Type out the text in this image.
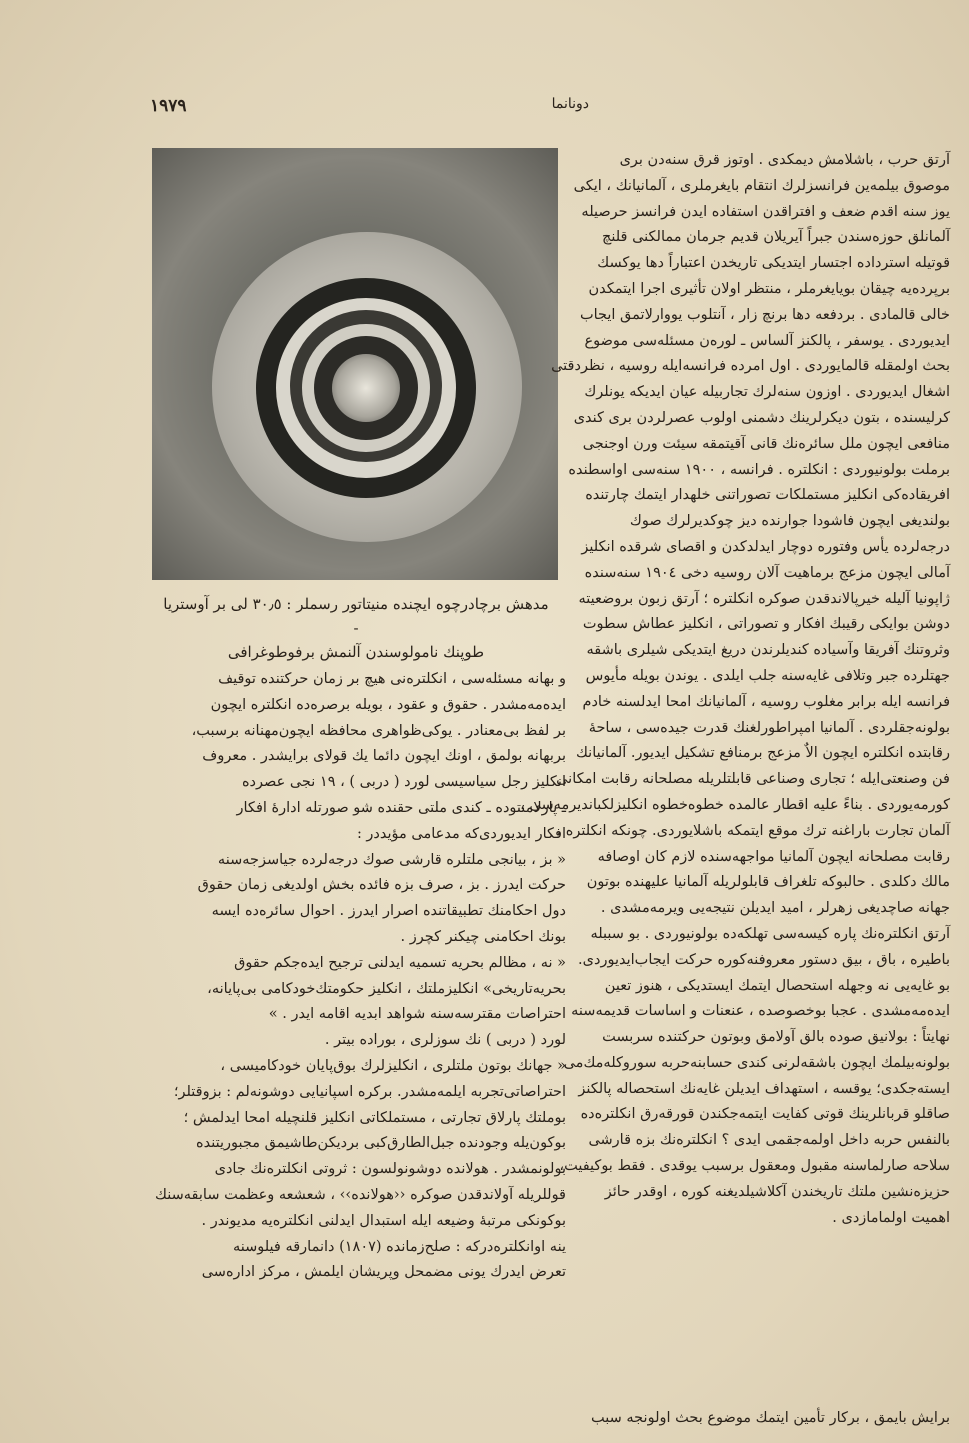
١٩٧٩	دونانما
مدهش برچادرچوه ایچنده منیتاتور رسملر : ۳۰٫٥ لی بر آوستریا -
طوپنك نامولوسندن آلنمش برفوطوغرافی
و بهانه مسئله‌سی ، انکلتره‌نی هیچ بر زمان حرکتنده توقیف
ایده‌مه‌مشدر . حقوق و عقود ، بویله برصره‌ده انکلتره ایچون
بر لفظ بی‌معنادر . یوکی‌ظواهری محافظه ایچون‌مهنانه برسبب،
بربهانه بولمق ، اونك ایچون دائما یك قولای برایشدر . معروف
انکلیز رجل سیاسیسی لورد ( دربی ) ، ۱۹ نجی عصرده
ـ پارلامنتوده ـ کندی ملتی حقنده شو صورتله اداره‌ٔ افکار
افکار ایدیوردی‌كه مدعامی مؤیددر :
« بز ، بیانجی ملتلره قارشی صوك درجه‌لرده جیاسزجه‌سنه
حرکت ایدرز . بز ، صرف بزه فائده بخش اولدیغی زمان حقوق
دول احکامنك تطبیقاتنده اصرار ایدرز . احوال سائره‌ده ایسه
بونك احکامنی چیکنر کچرز .
« نه ، مظالم بحریه تسمیه ایدلنی ترجیح ایده‌جکم حقوق
بحریه‌تاریخی» انکلیزملتك ، انکلیز حکومتك‌خودکامی بی‌پایانه،
احتراصات مقترسه‌سنه شواهد ابدیه اقامه ایدر . »
لورد ( دربی ) نك سوزلری ، بوراده بیتر .
« جهانك بوتون ملتلری ، انکلیزلرك بوق‌پایان خودکامیسی ،
احتراصاتی‌تجربه ایلمه‌مشدر. برکره اسپانیایی دوشونه‌لم : بزوقتلر؛
بوملتك پارلاق تجارتی ، مستملکاتی انکلیز قلنچیله امحا ایدلمش ؛
بوکون‌یله وجودنده جبل‌الطارق‌کبی بردیکن‌طاشیمق مجبوریتنده
بولونمشدر . هولانده دوشونولسون : ثروتی انکلتره‌نك جادی
قوللریله آولاندقدن صوکره ‹‹هولانده›› ، شعشعه وعظمت سابقه‌سنك
بوکونکی مرتبهٔ وضیعه ایله استبدال ایدلنی انکلتره‌یه مدیوندر .
ینه اوانکلتره‌درکه : صلح‌زمانده (۱۸۰۷) دانمارقه فیلوسنه
تعرض ایدرك یونی مضمحل وپریشان ایلمش ، مرکز اداره‌سی
آرتق حرب ، باشلامش دیمکدی . اوتوز قرق سنه‌دن بری
موصوق بیلمه‌ین فرانسزلرك انتقام بایغرملری ، آلمانیانك ، ایکی
یوز سنه اقدم ضعف و افتراقدن استفاده ایدن فرانسز حرصیله
آلمانلق حوزه‌سندن جبراً آیریلان قدیم جرمان ممالکنی قلنچ
قوتیله استرداده اجتسار ایتدیکی تاریخدن اعتباراً دها یوکسك
برپرده‌یه چیقان بویایغرملر ، منتظر اولان تأثیری اجرا ایتمکدن
خالی قالمادی . بردفعه دها برنچ زار ، آنتلوب یووارلاتمق ایجاب
ایدیوردی . یوسفر ، پالکنز آلساس ـ لورەن مسئله‌سی موضوع
بحث اولمقله قالمایوردی . اول امرده فرانسه‌ایله روسیه ، نظردقتی
اشغال ایدیوردی . اوزون سنه‌لرك تجاربیله عیان ایدیکه یونلرك
کرلیسنده ، بتون دیکرلرینك دشمنی اولوب عصرلردن بری کندی
منافعی ایچون ملل سائره‌نك قانی آقیتمقه سیئت ورن اوجنجی
برملت بولونیوردی : انکلتره . فرانسه ، ۱۹۰۰ سنه‌سی اواسطنده
افریقاده‌کی انکلیز مستملکات تصوراتنی خلهدار ایتمك چارتنده
بولندیغی ایچون فاشودا جوارنده دیز چوکدیرلرك صوك
درجه‌لرده یأس وفتوره دوچار ایدلدکدن و اقصای شرقده انکلیز
آمالی ایچون مزعج برماهیت آلان روسیه دخی ۱۹۰٤ سنه‌سنده
ژاپونیا آلیله خیرپالاندقدن صوکره انکلتره ؛ آرتق زبون بروضعیته
دوشن بوایکی رقیبك افکار و تصوراتی ، انکلیز عطاش سطوت
وثروتنك آفریقا وآسیاده کندیلرندن دریغ ایتدیکی شیلری باشقه
جهتلرده جبر وتلافی غایه‌سنه جلب ایلدی . یوندن بویله مأیوس
فرانسه ایله برابر مغلوب روسیه ، آلمانیانك امحا ایدلسنه خادم
بولونه‌جقلردی . آلمانیا امپراطورلغنك قدرت جیده‌سی ، ساحهٔ
رقابتده انکلتره ایچون الاٌ مزعج برمنافع تشکیل ایدیور. آلمانیانك
فن وصنعتی‌ایله ؛ تجاری وصناعی قابلتلریله مصلحانه رقابت امکانی
کورمه‌یوردی . بناءً علیه اقطار عالمده خطوه‌خطوه انکلیزلکباندیرمه‌سی ،
آلمان تجارت باراغنه ترك موقع ایتمکه باشلایوردی. چونکه انکلتره ،
رقابت مصلحانه ایچون آلمانیا مواجهه‌سنده لازم کان اوصافه
مالك دکلدی . حالبوکه تلغراف قابلولریله آلمانیا علیهنده بوتون
جهانه صاچدیغی زهرلر ، امید ایدیلن نتیجه‌یی ویرمه‌مشدی .
آرتق انکلتره‌نك پاره کیسه‌سی تهلکه‌ده بولونیوردی . بو سببله
باطیره ، باق ، بیق دستور معروفنه‌کوره حرکت ایجاب‌ایدیوردی.
بو غایه‌یی نه وجهله استحصال ایتمك ایستدیکی ، هنوز تعین
ایده‌مه‌مشدی . عجبا بوخصوصده ، عنعنات و اساسات قدیمه‌سنه
نهایتاً : بولانیق صوده بالق آولامق وبوتون حرکتنده سربست
بولونه‌بیلمك ایچون باشقه‌لرنی کندی حسابنه‌حربه سوروکله‌مك‌می
ایسته‌جکدی؛ یوقسه ، استهداف ایدیلن غایه‌نك استحصاله پالکنز
صاقلو قربانلرینك قوتی کفایت ایتمه‌جکندن قورقه‌رق انکلتره‌ده
بالنفس حربه داخل اولمه‌جقمی ایدی ؟ انکلتره‌نك بزه قارشی
سلاحه صارلماسنه مقبول ومعقول برسبب یوقدی . فقط بوکیفیت،
حزیزه‌نشین ملتك تاریخندن آکلاشیلدیغنه کوره ، اوقدر حائز
اهمیت اولمامازدی .
برایش بایمق ، برکار تأمین ایتمك موضوع بحث اولونجه سبب
